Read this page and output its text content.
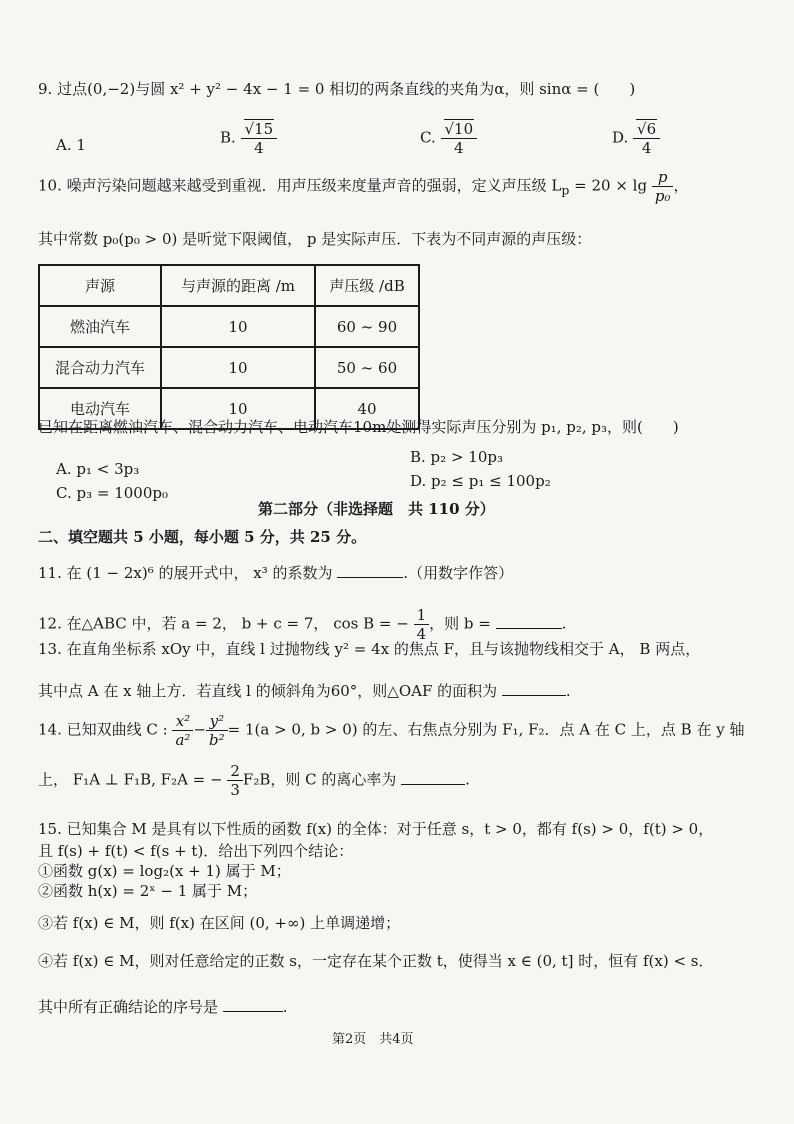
9. 过点(0,−2)与圆 x² + y² − 4x − 1 = 0 相切的两条直线的夹角为α，则 sinα = (　　)
A. 1	B. $\frac{√15}{4}$	C. $\frac{√10}{4}$	D. $\frac{√6}{4}$
10. 噪声污染问题越来越受到重视．用声压级来度量声音的强弱，定义声压级 $L_p = 20 \times \lg \frac{p}{\text{p₀}}$ ，
其中常数 p₀(p₀ > 0) 是听觉下限阈值， p 是实际声压．下表为不同声源的声压级：
声源	与声源的距离 /m	声压级 /dB
燃油汽车	10	60 ~ 90
混合动力汽车	10	50 ~ 60
电动汽车	10	40
已知在距离燃油汽车、混合动力汽车、电动汽车10m处测得实际声压分别为 p₁, p₂, p₃，则(　　)
A. p₁ < 3p₃
B. p₂ > 10p₃
C. p₃ = 1000p₀
D. p₂ ≤ p₁ ≤ 100p₂
第二部分（非选择题　共 110 分）
二、填空题共 5 小题，每小题 5 分，共 25 分。
11. 在 (1 − 2x)⁶ 的展开式中， x³ 的系数为	.（用数字作答）
12. 在△ABC 中，若 a = 2， b + c = 7， cos B = − $\frac{1}{4}$ ，则 b =	.
13. 在直角坐标系 xOy 中，直线 l 过抛物线 y² = 4x 的焦点 F，且与该抛物线相交于 A， B 两点，
其中点 A 在 x 轴上方．若直线 l 的倾斜角为60°，则△OAF 的面积为	.
14. 已知双曲线 C : $\frac{\text{x²}}{\text{a²}} - \frac{\text{y²}}{\text{b²}} = 1(a > 0$, b > 0) 的左、右焦点分别为 F₁, F₂．点 A 在 C 上，点 B 在 y 轴
上， F₁A ⊥ F₁B, F₂A = − $\frac{2}{3} F_2B$，则 C 的离心率为	.
15. 已知集合 M 是具有以下性质的函数 f(x) 的全体：对于任意 s，t > 0，都有 f(s) > 0，f(t) > 0，
且 f(s) + f(t) < f(s + t)．给出下列四个结论：
①函数 g(x) = log₂(x + 1) 属于 M；
②函数 h(x) = 2ˣ − 1 属于 M；
③若 f(x) ∈ M，则 f(x) 在区间 (0, +∞) 上单调递增；
④若 f(x) ∈ M，则对任意给定的正数 s，一定存在某个正数 t，使得当 x ∈ (0, t] 时，恒有 f(x) < s．
其中所有正确结论的序号是	.
第2页　共4页
